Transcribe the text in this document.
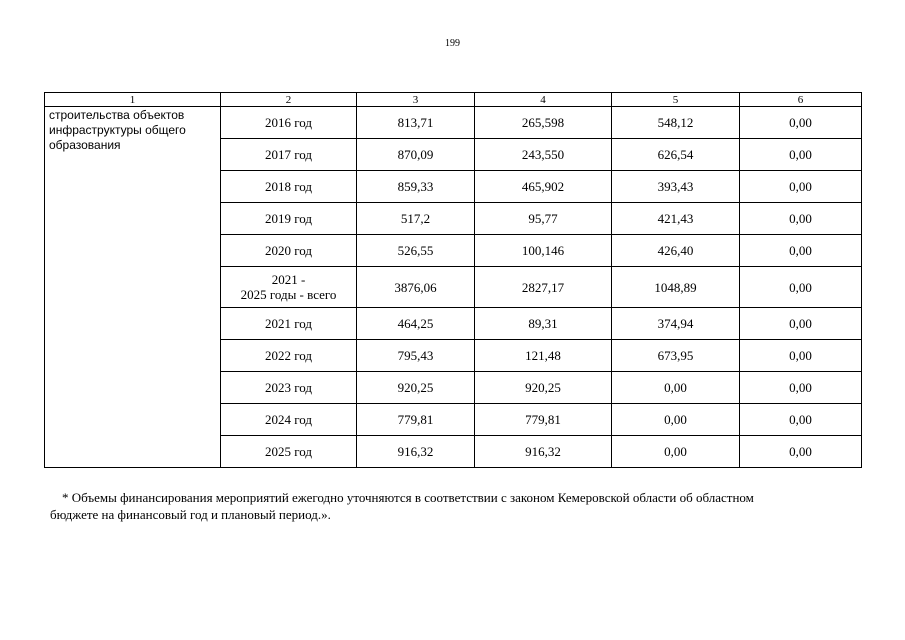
199
1	2	3	4	5	6

строительства объектов
инфраструктуры общего
образования	2016 год	813,71	265,598	548,12	0,00

	2017 год	870,09	243,550	626,54	0,00

	2018 год	859,33	465,902	393,43	0,00

	2019 год	517,2	95,77	421,43	0,00

	2020 год	526,55	100,146	426,40	0,00

	2021 -
2025 годы - всего	3876,06	2827,17	1048,89	0,00

	2021 год	464,25	89,31	374,94	0,00

	2022 год	795,43	121,48	673,95	0,00

	2023 год	920,25	920,25	0,00	0,00

	2024 год	779,81	779,81	0,00	0,00

	2025 год	916,32	916,32	0,00	0,00
* Объемы финансирования мероприятий ежегодно уточняются в соответствии с законом Кемеровской области об областном
бюджете на финансовый год и плановый период.».
